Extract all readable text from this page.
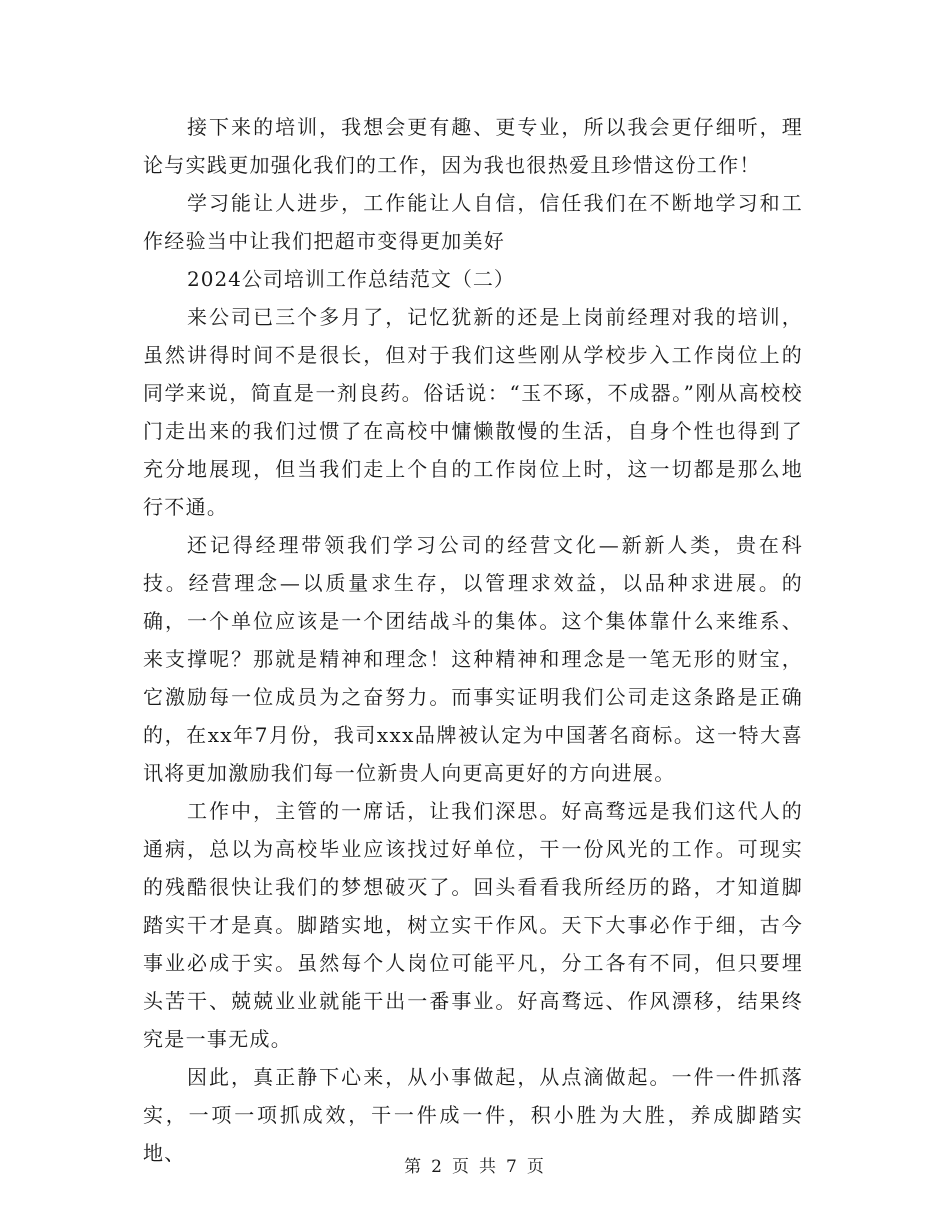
接下来的培训，我想会更有趣、更专业，所以我会更仔细听，理论与实践更加强化我们的工作，因为我也很热爱且珍惜这份工作！

学习能让人进步，工作能让人自信，信任我们在不断地学习和工作经验当中让我们把超市变得更加美好

2024公司培训工作总结范文（二）

来公司已三个多月了，记忆犹新的还是上岗前经理对我的培训，虽然讲得时间不是很长，但对于我们这些刚从学校步入工作岗位上的同学来说，简直是一剂良药。俗话说：“玉不琢，不成器。”刚从高校校门走出来的我们过惯了在高校中慵懒散慢的生活，自身个性也得到了充分地展现，但当我们走上个自的工作岗位上时，这一切都是那么地行不通。

还记得经理带领我们学习公司的经营文化—新新人类，贵在科技。经营理念—以质量求生存，以管理求效益，以品种求进展。的确，一个单位应该是一个团结战斗的集体。这个集体靠什么来维系、来支撑呢？那就是精神和理念！这种精神和理念是一笔无形的财宝，它激励每一位成员为之奋努力。而事实证明我们公司走这条路是正确的，在xx年7月份，我司xxx品牌被认定为中国著名商标。这一特大喜讯将更加激励我们每一位新贵人向更高更好的方向进展。

工作中，主管的一席话，让我们深思。好高骛远是我们这代人的通病，总以为高校毕业应该找过好单位，干一份风光的工作。可现实的残酷很快让我们的梦想破灭了。回头看看我所经历的路，才知道脚踏实干才是真。脚踏实地，树立实干作风。天下大事必作于细，古今事业必成于实。虽然每个人岗位可能平凡，分工各有不同，但只要埋头苦干、兢兢业业就能干出一番事业。好高骛远、作风漂移，结果终究是一事无成。

因此，真正静下心来，从小事做起，从点滴做起。一件一件抓落实，一项一项抓成效，干一件成一件，积小胜为大胜，养成脚踏实地、

第 2 页 共 7 页
